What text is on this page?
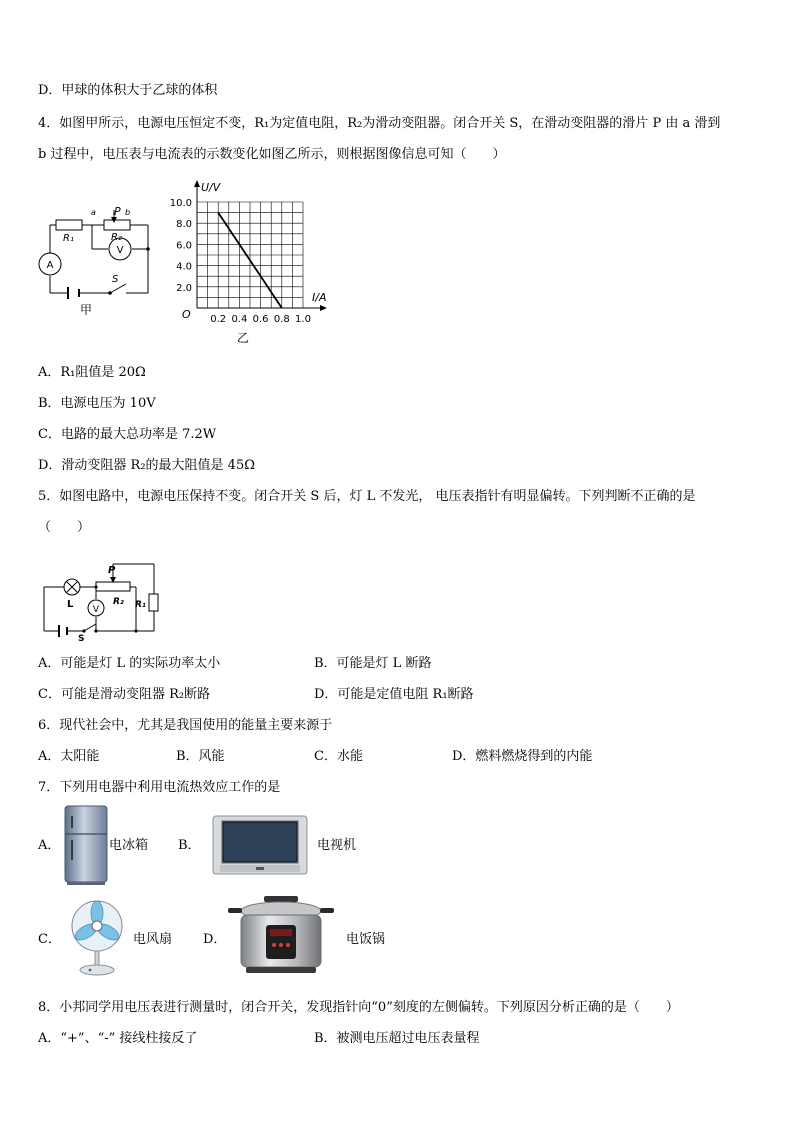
D．甲球的体积大于乙球的体积
4．如图甲所示，电源电压恒定不变，R₁为定值电阻，R₂为滑动变阻器。闭合开关 S，在滑动变阻器的滑片 P 由 a 滑到
b 过程中，电压表与电流表的示数变化如图乙所示，则根据图像信息可知（　　）
a P b
R₁	R₂
A
V
S
甲
0.2 0.4 0.6 0.8 1.0
2.0
4.0
6.0
8.0
10.0
U/V
I/A
O
乙
A．R₁阻值是 20Ω
B．电源电压为 10V
C．电路的最大总功率是 7.2W
D．滑动变阻器 R₂的最大阻值是 45Ω
5．如图电路中，电源电压保持不变。闭合开关 S 后，灯 L 不发光， 电压表指针有明显偏转。下列判断不正确的是
（　　）
P
L V
R₂ R₁
S
A．可能是灯 L 的实际功率太小	B．可能是灯 L 断路
C．可能是滑动变阻器 R₂断路	D．可能是定值电阻 R₁断路
6．现代社会中，尤其是我国使用的能量主要来源于
A．太阳能	B．风能	C．水能	D．燃料燃烧得到的内能
7．下列用电器中利用电流热效应工作的是
A．	电冰箱 B．	电视机
C．	电风扇 D．	电饭锅
8．小邦同学用电压表进行测量时，闭合开关，发现指针向“0”刻度的左侧偏转。下列原因分析正确的是（　　）
A．“+”、“-” 接线柱接反了	B．被测电压超过电压表量程
